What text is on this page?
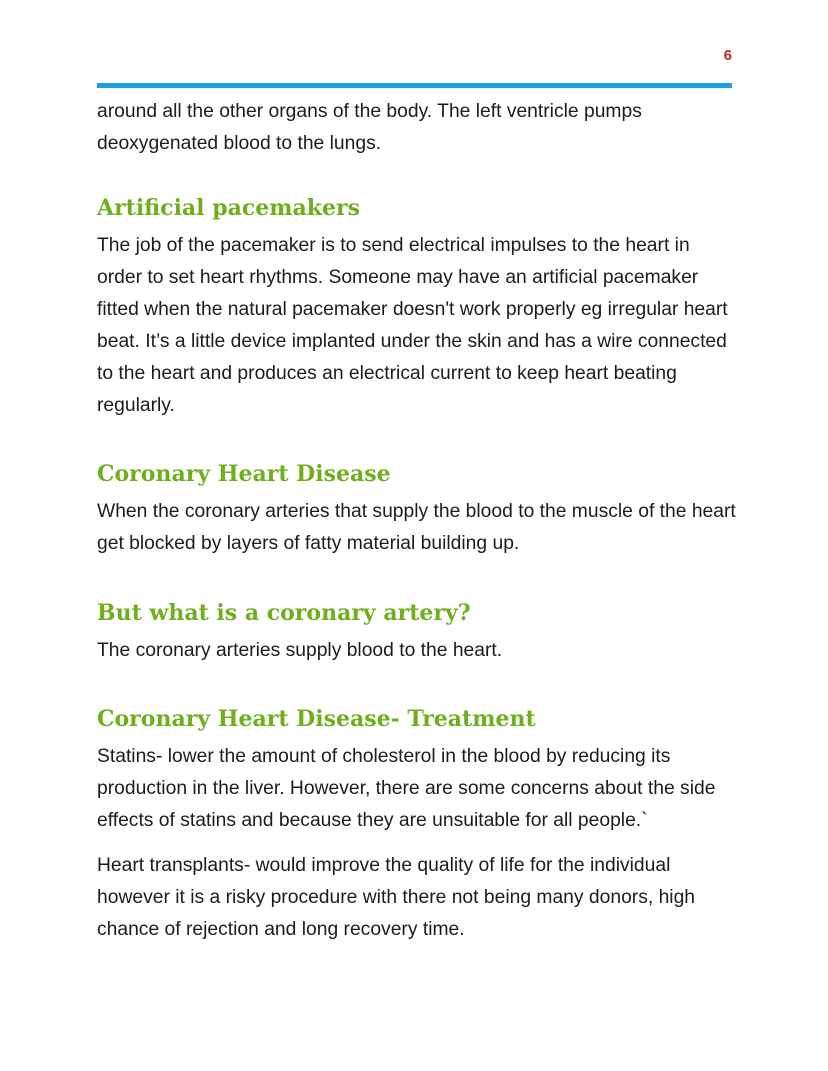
6

around all the other organs of the body. The left ventricle pumps deoxygenated blood to the lungs.

Artificial pacemakers

The job of the pacemaker is to send electrical impulses to the heart in order to set heart rhythms. Someone may have an artificial pacemaker fitted when the natural pacemaker doesn't work properly eg irregular heart beat. It’s a little device implanted under the skin and has a wire connected to the heart and produces an electrical current to keep heart beating regularly.

Coronary Heart Disease

When the coronary arteries that supply the blood to the muscle of the heart get blocked by layers of fatty material building up.

But what is a coronary artery?

The coronary arteries supply blood to the heart.

Coronary Heart Disease- Treatment

Statins- lower the amount of cholesterol in the blood by reducing its production in the liver. However, there are some concerns about the side effects of statins and because they are unsuitable for all people.`

Heart transplants- would improve the quality of life for the individual however it is a risky procedure with there not being many donors, high chance of rejection and long recovery time.
